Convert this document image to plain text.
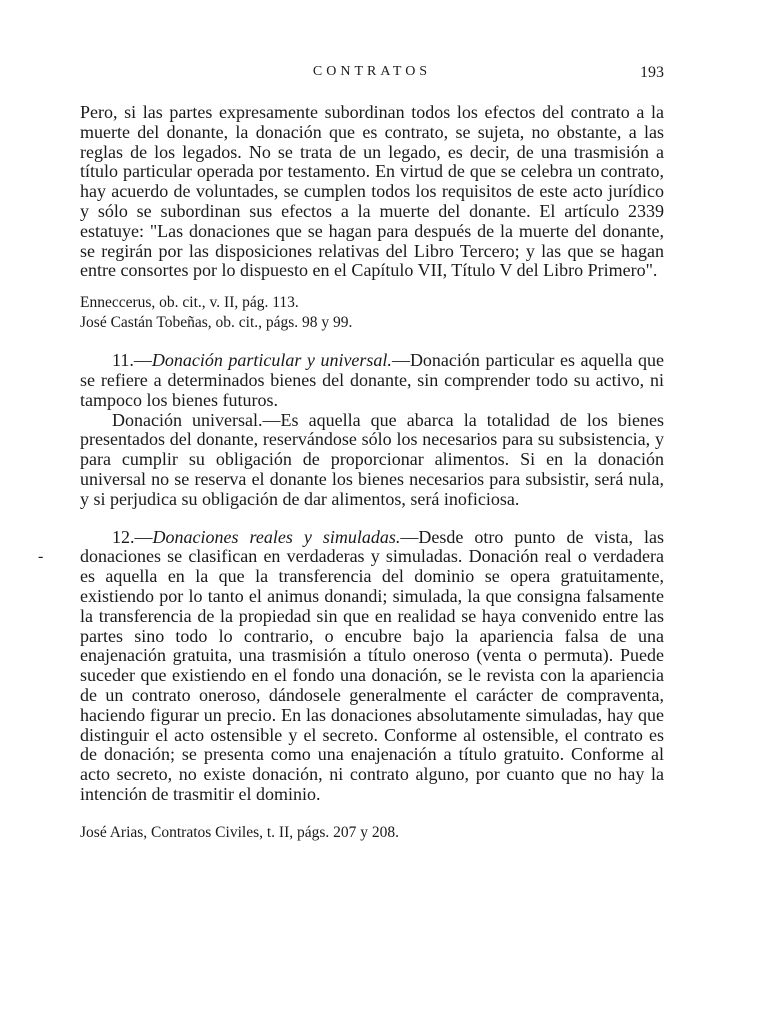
CONTRATOS	193
-

Pero, si las partes expresamente subordinan todos los efectos del contrato a la muerte del donante, la donación que es contrato, se sujeta, no obstante, a las reglas de los legados. No se trata de un legado, es decir, de una trasmisión a título particular operada por testamento. En virtud de que se celebra un contrato, hay acuerdo de voluntades, se cumplen todos los requisitos de este acto jurídico y sólo se subordinan sus efectos a la muerte del donante. El artículo 2339 estatuye: "Las donaciones que se hagan para después de la muerte del donante, se regirán por las disposiciones relativas del Libro Tercero; y las que se hagan entre consortes por lo dispuesto en el Capítulo VII, Título V del Libro Primero".

Enneccerus, ob. cit., v. II, pág. 113.

José Castán Tobeñas, ob. cit., págs. 98 y 99.

11.—Donación particular y universal.—Donación particular es aquella que se refiere a determinados bienes del donante, sin comprender todo su activo, ni tampoco los bienes futuros.

Donación universal.—Es aquella que abarca la totalidad de los bienes presentados del donante, reservándose sólo los necesarios para su subsistencia, y para cumplir su obligación de proporcionar alimentos. Si en la donación universal no se reserva el donante los bienes necesarios para subsistir, será nula, y si perjudica su obligación de dar alimentos, será inoficiosa.

12.—Donaciones reales y simuladas.—Desde otro punto de vista, las donaciones se clasifican en verdaderas y simuladas. Donación real o verdadera es aquella en la que la transferencia del dominio se opera gratuitamente, existiendo por lo tanto el animus donandi; simulada, la que consigna falsamente la transferencia de la propiedad sin que en realidad se haya convenido entre las partes sino todo lo contrario, o encubre bajo la apariencia falsa de una enajenación gratuita, una trasmisión a título oneroso (venta o permuta). Puede suceder que existiendo en el fondo una donación, se le revista con la apariencia de un contrato oneroso, dándosele generalmente el carácter de compraventa, haciendo figurar un precio. En las donaciones absolutamente simuladas, hay que distinguir el acto ostensible y el secreto. Conforme al ostensible, el contrato es de donación; se presenta como una enajenación a título gratuito. Conforme al acto secreto, no existe donación, ni contrato alguno, por cuanto que no hay la intención de trasmitir el dominio.

José Arias, Contratos Civiles, t. II, págs. 207 y 208.
